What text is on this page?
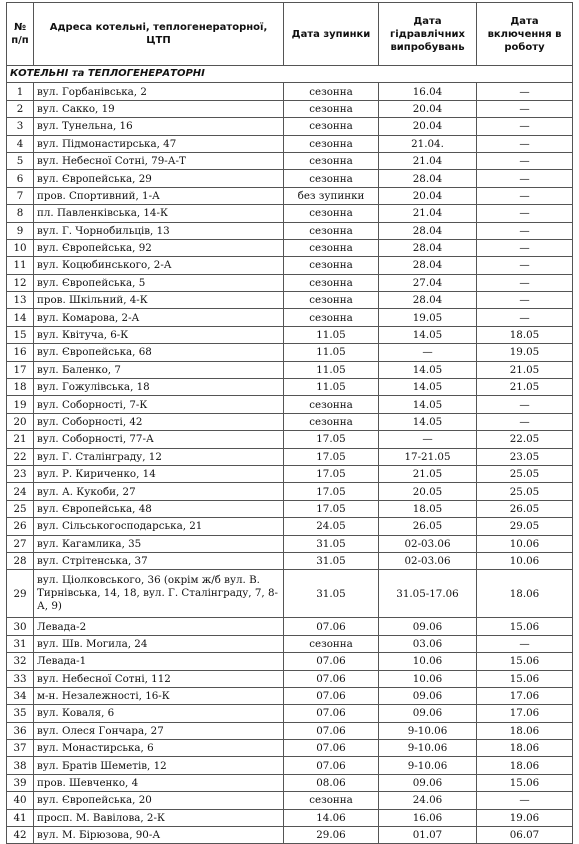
№ п/п	Адреса котельні, теплогенераторної, ЦТП	Дата зупинки	Дата гідравлічних випробувань	Дата включення в роботу
КОТЕЛЬНІ та ТЕПЛОГЕНЕРАТОРНІ				
1	вул. Горбанівська, 2	сезонна	16.04	—
2	вул. Сакко, 19	сезонна	20.04	—
3	вул. Тунельна, 16	сезонна	20.04	—
4	вул. Підмонастирська, 47	сезонна	21.04.	—
5	вул. Небесної Сотні, 79-А-Т	сезонна	21.04	—
6	вул. Європейська, 29	сезонна	28.04	—
7	пров. Спортивний, 1-А	без зупинки	20.04	—
8	пл. Павленківська, 14-К	сезонна	21.04	—
9	вул. Г. Чорнобильців, 13	сезонна	28.04	—
10	вул. Європейська, 92	сезонна	28.04	—
11	вул. Коцюбинського, 2-А	сезонна	28.04	—
12	вул. Європейська, 5	сезонна	27.04	—
13	пров. Шкільний, 4-К	сезонна	28.04	—
14	вул. Комарова, 2-А	сезонна	19.05	—
15	вул. Квітуча, 6-К	11.05	14.05	18.05
16	вул. Європейська, 68	11.05	—	19.05
17	вул. Баленко, 7	11.05	14.05	21.05
18	вул. Гожулівська, 18	11.05	14.05	21.05
19	вул. Соборності, 7-К	сезонна	14.05	—
20	вул. Соборності, 42	сезонна	14.05	—
21	вул. Соборності, 77-А	17.05	—	22.05
22	вул. Г. Сталінграду, 12	17.05	17-21.05	23.05
23	вул. Р. Кириченко, 14	17.05	21.05	25.05
24	вул. А. Кукоби, 27	17.05	20.05	25.05
25	вул. Європейська, 48	17.05	18.05	26.05
26	вул. Сільськогосподарська, 21	24.05	26.05	29.05
27	вул. Кагамлика, 35	31.05	02-03.06	10.06
28	вул. Стрітенська, 37	31.05	02-03.06	10.06
29	вул. Ціолковського, 36 (окрім ж/б вул. В. Тирнівська, 14, 18, вул. Г. Сталінграду, 7, 8-А, 9)	31.05	31.05-17.06	18.06
30	Левада-2	07.06	09.06	15.06
31	вул. Шв. Могила, 24	сезонна	03.06	—
32	Левада-1	07.06	10.06	15.06
33	вул. Небесної Сотні, 112	07.06	10.06	15.06
34	м-н. Незалежності, 16-К	07.06	09.06	17.06
35	вул. Коваля, 6	07.06	09.06	17.06
36	вул. Олеся Гончара, 27	07.06	9-10.06	18.06
37	вул. Монастирська, 6	07.06	9-10.06	18.06
38	вул. Братів Шеметів, 12	07.06	9-10.06	18.06
39	пров. Шевченко, 4	08.06	09.06	15.06
40	вул. Європейська, 20	сезонна	24.06	—
41	просп. М. Вавілова, 2-К	14.06	16.06	19.06
42	вул. М. Бірюзова, 90-А	29.06	01.07	06.07
